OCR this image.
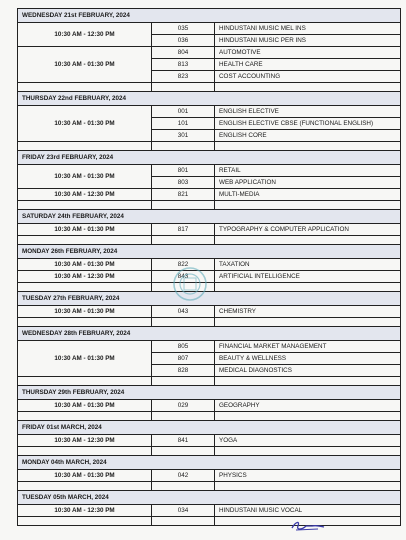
WEDNESDAY 21st FEBRUARY, 2024
10:30 AM - 12:30 PM
035	HINDUSTANI MUSIC MEL INS
036	HINDUSTANI MUSIC PER INS
10:30 AM - 01:30 PM
804	AUTOMOTIVE
813	HEALTH CARE
823	COST ACCOUNTING
THURSDAY 22nd FEBRUARY, 2024
10:30 AM - 01:30 PM
001	ENGLISH ELECTIVE
101	ENGLISH ELECTIVE CBSE (FUNCTIONAL ENGLISH)
301	ENGLISH CORE
FRIDAY 23rd FEBRUARY, 2024
10:30 AM - 01:30 PM
801	RETAIL
803	WEB APPLICATION
10:30 AM - 12:30 PM	821	MULTI-MEDIA
SATURDAY 24th FEBRUARY, 2024
10:30 AM - 01:30 PM	817	TYPOGRAPHY & COMPUTER APPLICATION
MONDAY 26th FEBRUARY, 2024
10:30 AM - 01:30 PM	822	TAXATION
10:30 AM - 12:30 PM	843	ARTIFICIAL INTELLIGENCE
TUESDAY 27th FEBRUARY, 2024
10:30 AM - 01:30 PM	043	CHEMISTRY
WEDNESDAY 28th FEBRUARY, 2024
10:30 AM - 01:30 PM
805	FINANCIAL MARKET MANAGEMENT
807	BEAUTY & WELLNESS
828	MEDICAL DIAGNOSTICS
THURSDAY 29th FEBRUARY, 2024
10:30 AM - 01:30 PM	029	GEOGRAPHY
FRIDAY 01st MARCH, 2024
10:30 AM - 12:30 PM	841	YOGA
MONDAY 04th MARCH, 2024
10:30 AM - 01:30 PM	042	PHYSICS
TUESDAY 05th MARCH, 2024
10:30 AM - 12:30 PM	034	HINDUSTANI MUSIC VOCAL
